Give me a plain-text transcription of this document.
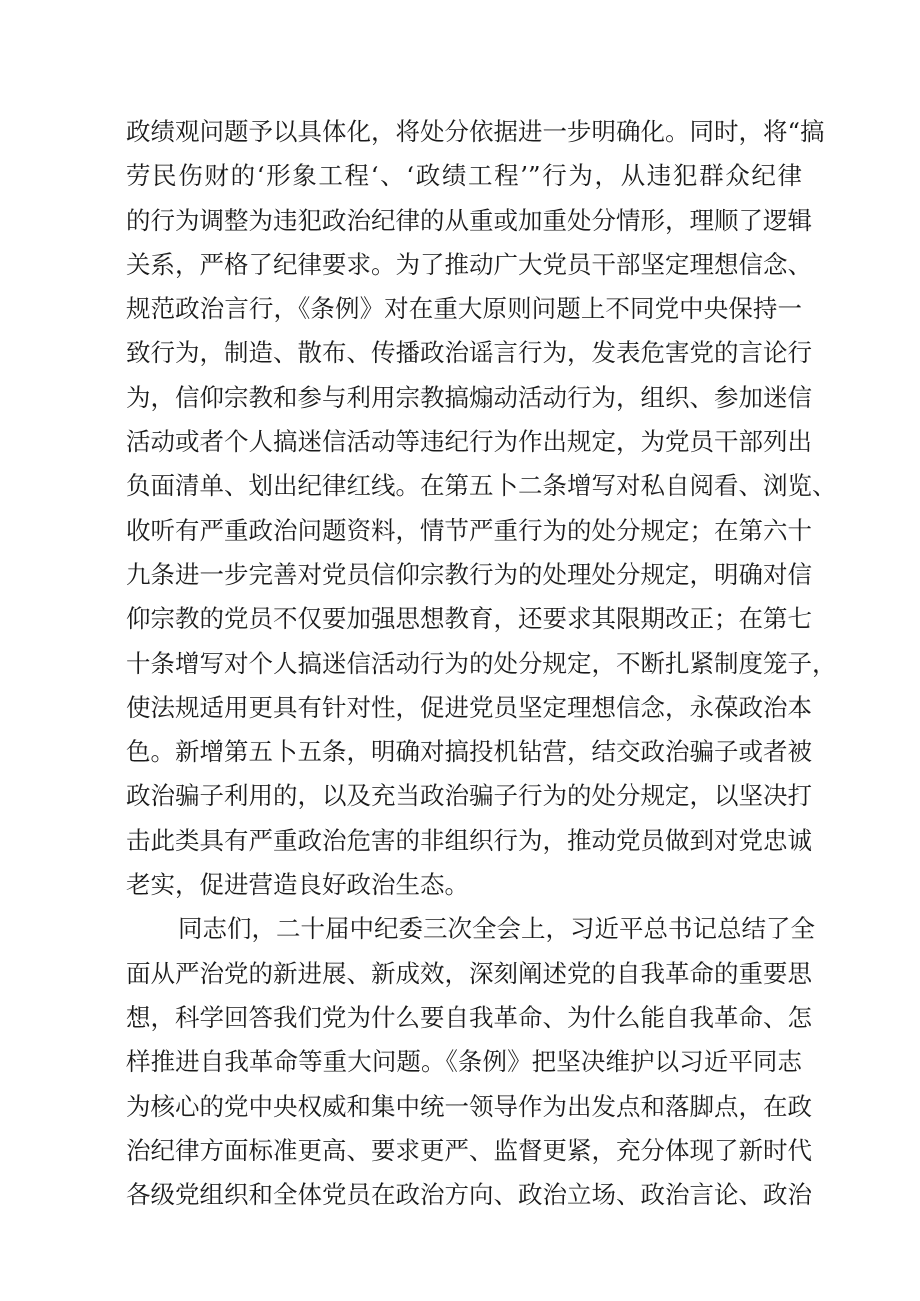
政绩观问题予以具体化，将处分依据进一步明确化。同时，将“搞
劳民伤财的‘形象工程‘、‘政绩工程’”行为，从违犯群众纪律
的行为调整为违犯政治纪律的从重或加重处分情形，理顺了逻辑
关系，严格了纪律要求。为了推动广大党员干部坚定理想信念、
规范政治言行，《条例》对在重大原则问题上不同党中央保持一
致行为，制造、散布、传播政治谣言行为，发表危害党的言论行
为，信仰宗教和参与利用宗教搞煽动活动行为，组织、参加迷信
活动或者个人搞迷信活动等违纪行为作出规定，为党员干部列出
负面清单、划出纪律红线。在第五卜二条增写对私自阅看、浏览、
收听有严重政治问题资料，情节严重行为的处分规定；在第六十
九条进一步完善对党员信仰宗教行为的处理处分规定，明确对信
仰宗教的党员不仅要加强思想教育，还要求其限期改正；在第七
十条增写对个人搞迷信活动行为的处分规定，不断扎紧制度笼子，
使法规适用更具有针对性，促进党员坚定理想信念，永葆政治本
色。新增第五卜五条，明确对搞投机钻营，结交政治骗子或者被
政治骗子利用的，以及充当政治骗子行为的处分规定，以坚决打
击此类具有严重政治危害的非组织行为，推动党员做到对党忠诚
老实，促进营造良好政治生态。
同志们，二十届中纪委三次全会上，习近平总书记总结了全
面从严治党的新进展、新成效，深刻阐述党的自我革命的重要思
想，科学回答我们党为什么要自我革命、为什么能自我革命、怎
样推进自我革命等重大问题。《条例》把坚决维护以习近平同志
为核心的党中央权威和集中统一领导作为出发点和落脚点，在政
治纪律方面标准更高、要求更严、监督更紧，充分体现了新时代
各级党组织和全体党员在政治方向、政治立场、政治言论、政治
